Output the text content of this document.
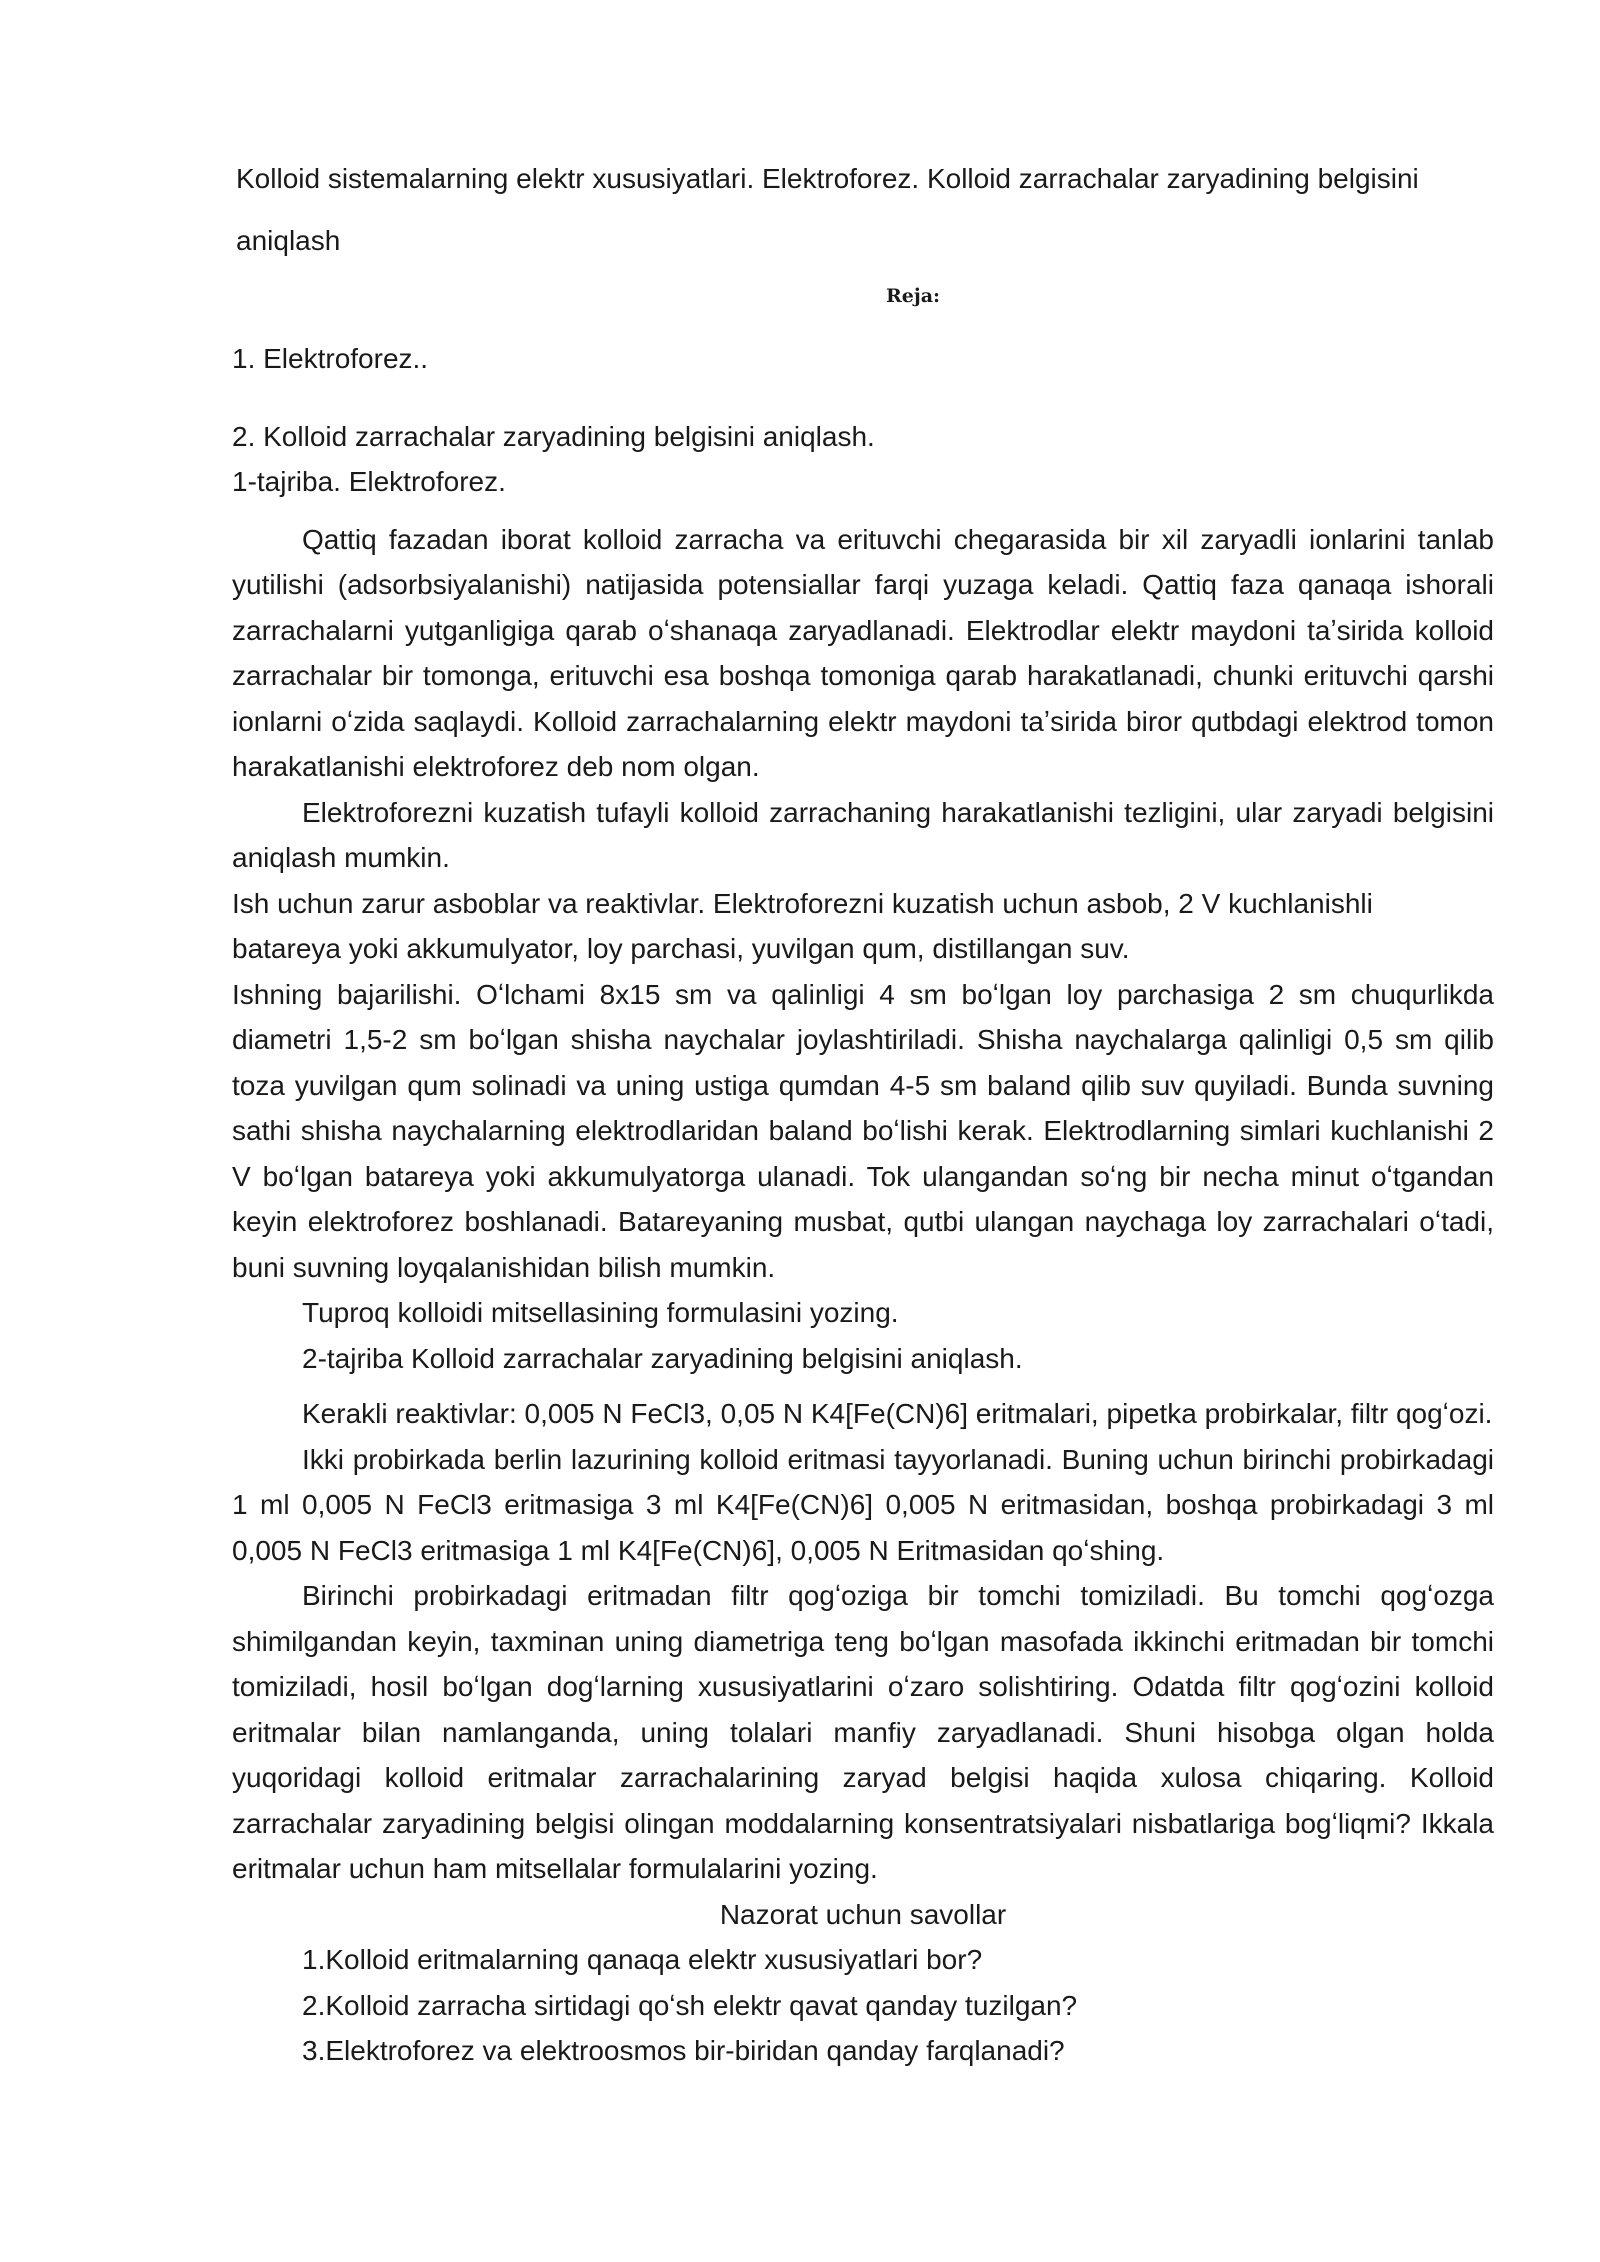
Kolloid sistemalarning elektr xususiyatlari. Elektroforez. Kolloid zarrachalar zaryadining belgisini aniqlash
Reja:

1. Elektroforez..

2. Kolloid zarrachalar zaryadining belgisini aniqlash.

1-tajriba. Elektroforez.

Qattiq fazadan iborat kolloid zarracha va erituvchi chegarasida bir xil zaryadli ionlarini tanlab yutilishi (adsorbsiyalanishi) natijasida potensiallar farqi yuzaga keladi. Qattiq faza qanaqa ishorali zarrachalarni yutganligiga qarab oʻshanaqa zaryadlanadi. Elektrodlar elektr maydoni taʼsirida kolloid zarrachalar bir tomonga, erituvchi esa boshqa tomoniga qarab harakatlanadi, chunki erituvchi qarshi ionlarni oʻzida saqlaydi. Kolloid zarrachalarning elektr maydoni taʼsirida biror qutbdagi elektrod tomon harakatlanishi elektroforez deb nom olgan.

Elektroforezni kuzatish tufayli kolloid zarrachaning harakatlanishi tezligini, ular zaryadi belgisini aniqlash mumkin.

Ish uchun zarur asboblar va reaktivlar. Elektroforezni kuzatish uchun asbob, 2 V kuchlanishli

batareya yoki akkumulyator, loy parchasi, yuvilgan qum, distillangan suv.

Ishning bajarilishi. Oʻlchami 8x15 sm va qalinligi 4 sm boʻlgan loy parchasiga 2 sm chuqurlikda diametri 1,5-2 sm boʻlgan shisha naychalar joylashtiriladi. Shisha naychalarga qalinligi 0,5 sm qilib toza yuvilgan qum solinadi va uning ustiga qumdan 4-5 sm baland qilib suv quyiladi. Bunda suvning sathi shisha naychalarning elektrodlaridan baland boʻlishi kerak. Elektrodlarning simlari kuchlanishi 2 V boʻlgan batareya yoki akkumulyatorga ulanadi. Tok ulangandan soʻng bir necha minut oʻtgandan keyin elektroforez boshlanadi. Batareyaning musbat, qutbi ulangan naychaga loy zarrachalari oʻtadi, buni suvning loyqalanishidan bilish mumkin.

Tuproq kolloidi mitsellasining formulasini yozing.

2-tajriba Kolloid zarrachalar zaryadining belgisini aniqlash.

Kerakli reaktivlar: 0,005 N FeCl3, 0,05 N K4[Fe(CN)6] eritmalari, pipetka probirkalar, filtr qogʻozi.

Ikki probirkada berlin lazurining kolloid eritmasi tayyorlanadi. Buning uchun birinchi probirkadagi 1 ml 0,005 N FeCl3 eritmasiga 3 ml K4[Fe(CN)6] 0,005 N eritmasidan, boshqa probirkadagi 3 ml 0,005 N FeCl3 eritmasiga 1 ml K4[Fe(CN)6], 0,005 N Eritmasidan qoʻshing.

Birinchi probirkadagi eritmadan filtr qogʻoziga bir tomchi tomiziladi. Bu tomchi qogʻozga shimilgandan keyin, taxminan uning diametriga teng boʻlgan masofada ikkinchi eritmadan bir tomchi tomiziladi, hosil boʻlgan dogʻlarning xususiyatlarini oʻzaro solishtiring. Odatda filtr qogʻozini kolloid eritmalar bilan namlanganda, uning tolalari manfiy zaryadlanadi. Shuni hisobga olgan holda yuqoridagi kolloid eritmalar zarrachalarining zaryad belgisi haqida xulosa chiqaring. Kolloid zarrachalar zaryadining belgisi olingan moddalarning konsentratsiyalari nisbatlariga bogʻliqmi? Ikkala eritmalar uchun ham mitsellalar formulalarini yozing.

Nazorat uchun savollar

1.Kolloid eritmalarning qanaqa elektr xususiyatlari bor?

2.Kolloid zarracha sirtidagi qoʻsh elektr qavat qanday tuzilgan?

3.Elektroforez va elektroosmos bir-biridan qanday farqlanadi?
